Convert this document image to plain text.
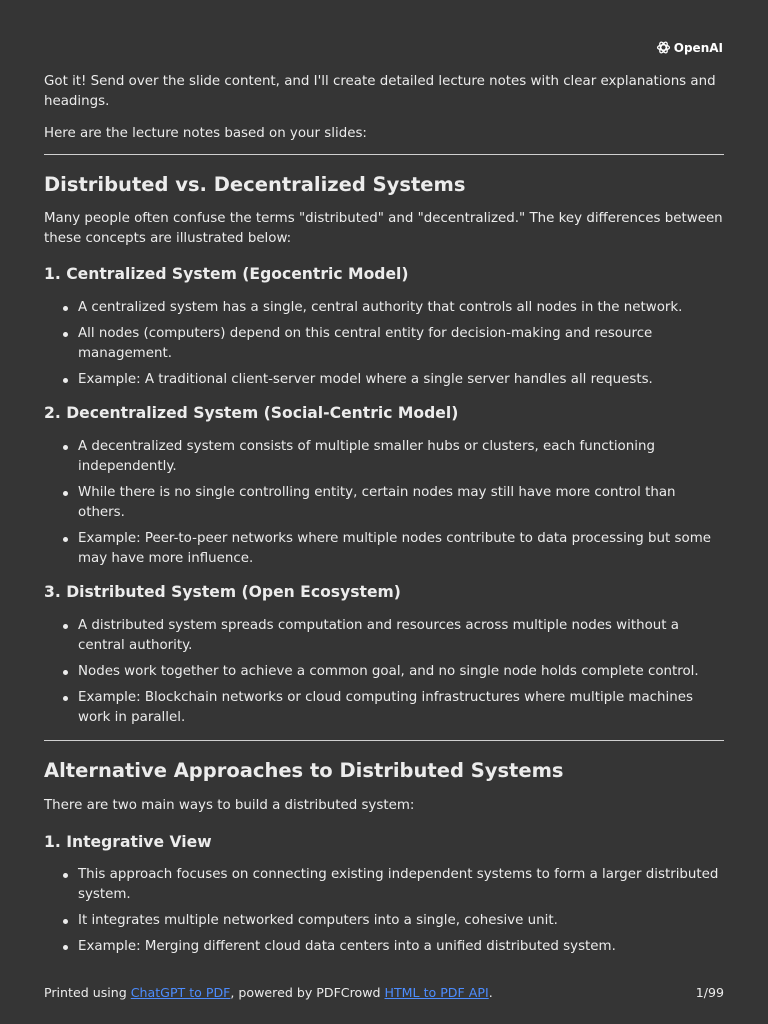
OpenAI

Got it! Send over the slide content, and I'll create detailed lecture notes with clear explanations and headings.

Here are the lecture notes based on your slides:

Distributed vs. Decentralized Systems

Many people often confuse the terms "distributed" and "decentralized." The key differences between these concepts are illustrated below:

1. Centralized System (Egocentric Model)
A centralized system has a single, central authority that controls all nodes in the network.
All nodes (computers) depend on this central entity for decision-making and resource management.
Example: A traditional client-server model where a single server handles all requests.
2. Decentralized System (Social-Centric Model)
A decentralized system consists of multiple smaller hubs or clusters, each functioning independently.
While there is no single controlling entity, certain nodes may still have more control than others.
Example: Peer-to-peer networks where multiple nodes contribute to data processing but some may have more influence.
3. Distributed System (Open Ecosystem)
A distributed system spreads computation and resources across multiple nodes without a central authority.
Nodes work together to achieve a common goal, and no single node holds complete control.
Example: Blockchain networks or cloud computing infrastructures where multiple machines work in parallel.
Alternative Approaches to Distributed Systems

There are two main ways to build a distributed system:

1. Integrative View
This approach focuses on connecting existing independent systems to form a larger distributed system.
It integrates multiple networked computers into a single, cohesive unit.
Example: Merging different cloud data centers into a unified distributed system.
Printed using ChatGPT to PDF, powered by PDFCrowd HTML to PDF API.	1/99
